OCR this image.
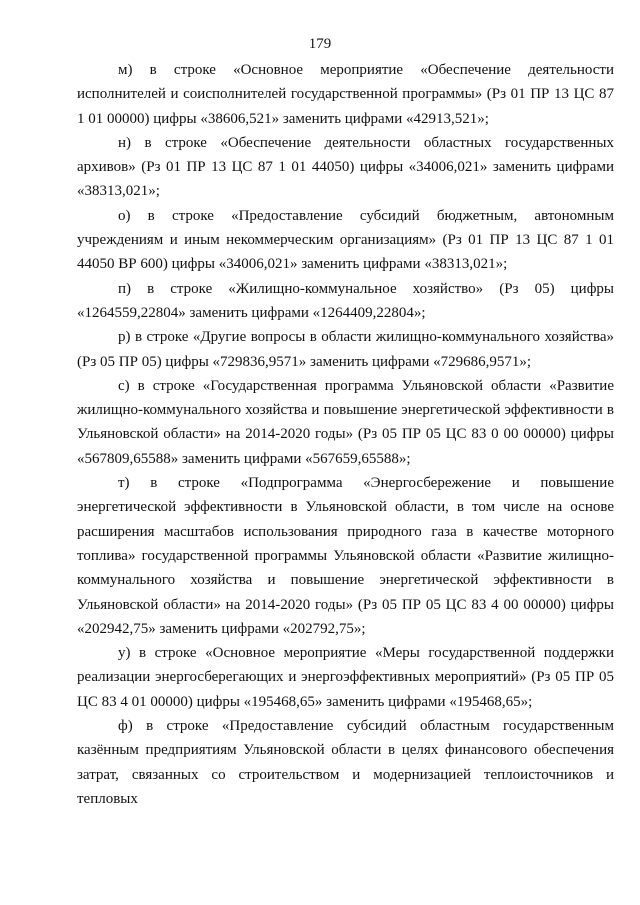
179

м) в строке «Основное мероприятие «Обеспечение деятельности исполнителей и соисполнителей государственной программы» (Рз 01 ПР 13 ЦС 87 1 01 00000) цифры «38606,521» заменить цифрами «42913,521»;

н) в строке «Обеспечение деятельности областных государственных архивов» (Рз 01 ПР 13 ЦС 87 1 01 44050) цифры «34006,021» заменить цифрами «38313,021»;

о) в строке «Предоставление субсидий бюджетным, автономным учреждениям и иным некоммерческим организациям» (Рз 01 ПР 13 ЦС 87 1 01 44050 ВР 600) цифры «34006,021» заменить цифрами «38313,021»;

п) в строке «Жилищно-коммунальное хозяйство» (Рз 05) цифры «1264559,22804» заменить цифрами «1264409,22804»;

р) в строке «Другие вопросы в области жилищно-коммунального хозяйства» (Рз 05 ПР 05) цифры «729836,9571» заменить цифрами «729686,9571»;

с) в строке «Государственная программа Ульяновской области «Развитие жилищно-коммунального хозяйства и повышение энергетической эффективности в Ульяновской области» на 2014-2020 годы» (Рз 05 ПР 05 ЦС 83 0 00 00000) цифры «567809,65588» заменить цифрами «567659,65588»;

т) в строке «Подпрограмма «Энергосбережение и повышение энергетической эффективности в Ульяновской области, в том числе на основе расширения масштабов использования природного газа в качестве моторного топлива» государственной программы Ульяновской области «Развитие жилищно-коммунального хозяйства и повышение энергетической эффективности в Ульяновской области» на 2014-2020 годы» (Рз 05 ПР 05 ЦС 83 4 00 00000) цифры «202942,75» заменить цифрами «202792,75»;

у) в строке «Основное мероприятие «Меры государственной поддержки реализации энергосберегающих и энергоэффективных мероприятий» (Рз 05 ПР 05 ЦС 83 4 01 00000) цифры «195468,65» заменить цифрами «195468,65»;

ф) в строке «Предоставление субсидий областным государственным казённым предприятиям Ульяновской области в целях финансового обеспечения затрат, связанных со строительством и модернизацией теплоисточников и тепловых
